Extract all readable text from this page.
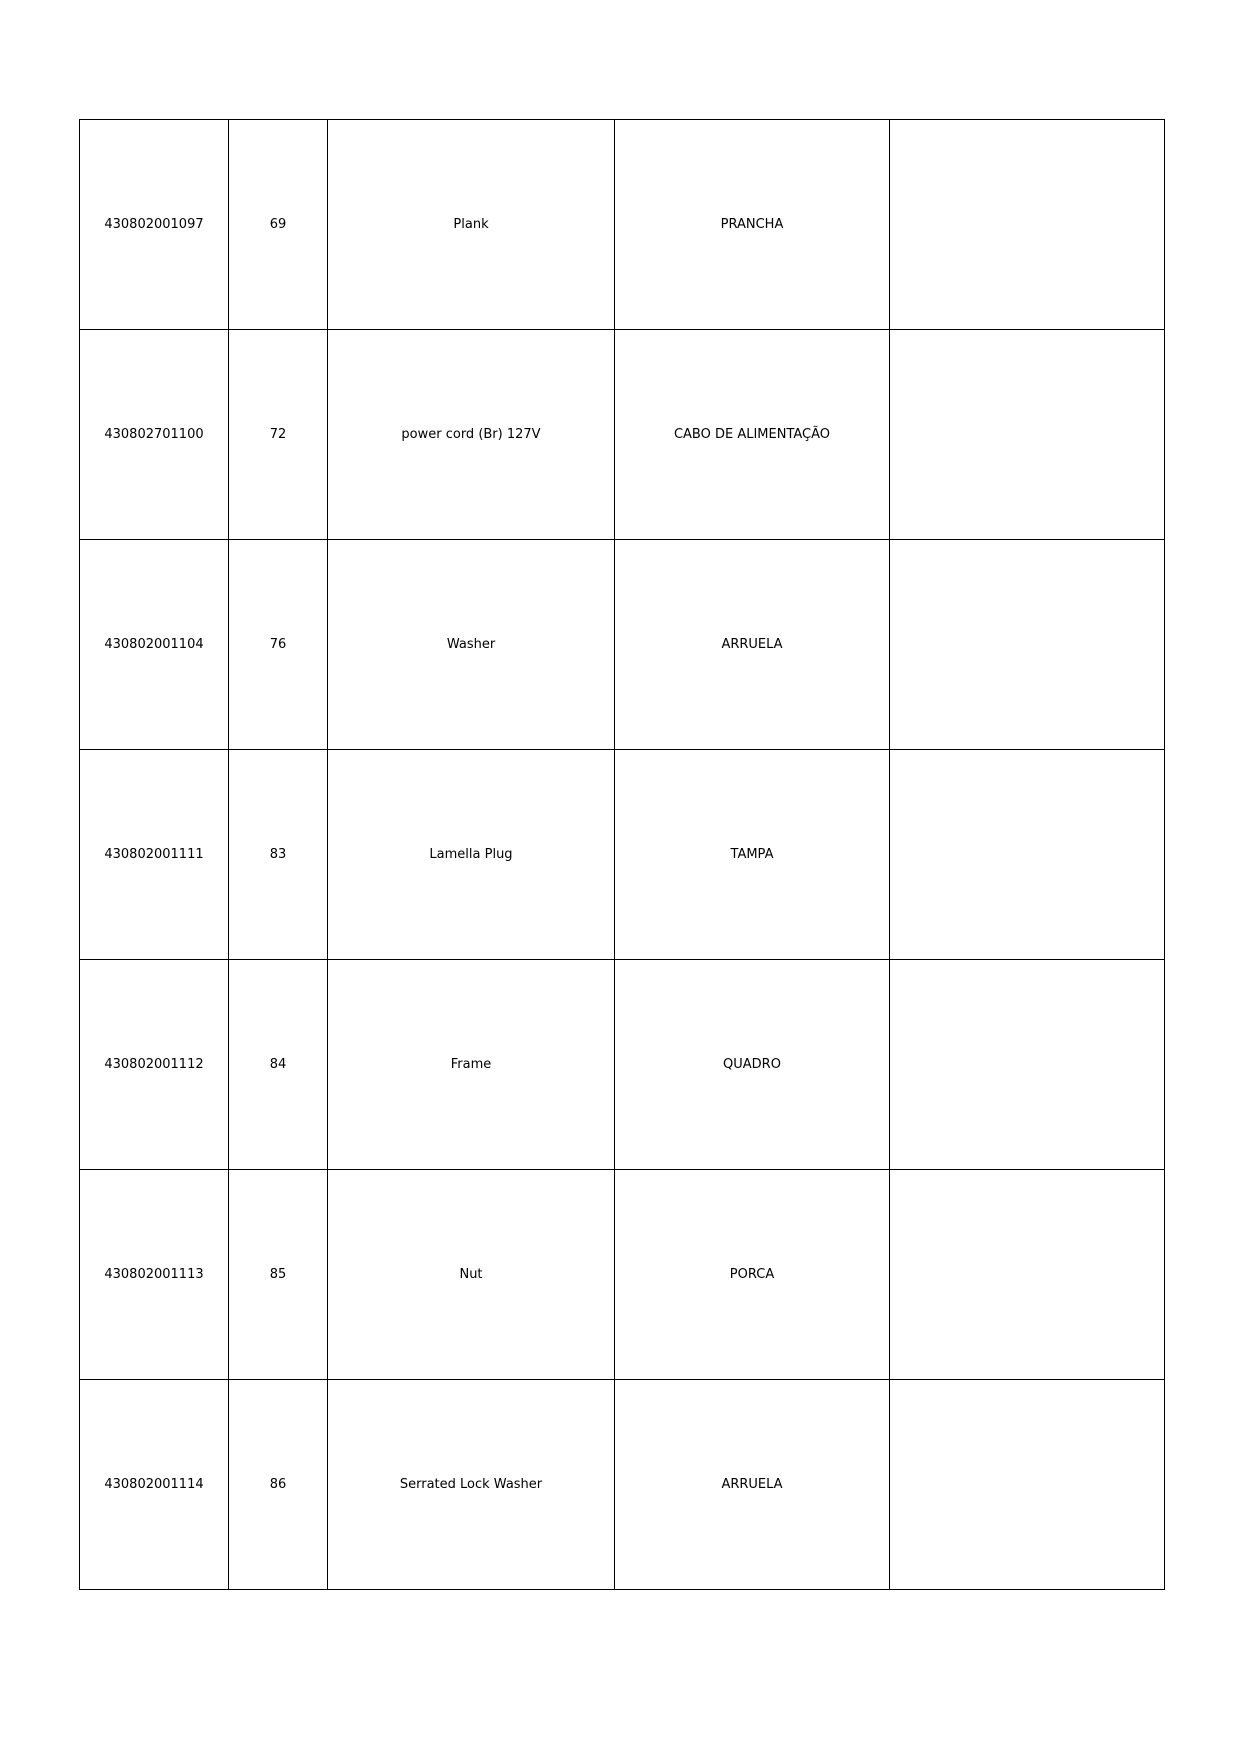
430802001097	69	Plank	PRANCHA	
430802701100	72	power cord (Br) 127V	CABO DE ALIMENTAÇÃO	
430802001104	76	Washer	ARRUELA	
430802001111	83	Lamella Plug	TAMPA	
430802001112	84	Frame	QUADRO	
430802001113	85	Nut	PORCA	
430802001114	86	Serrated Lock Washer	ARRUELA	
